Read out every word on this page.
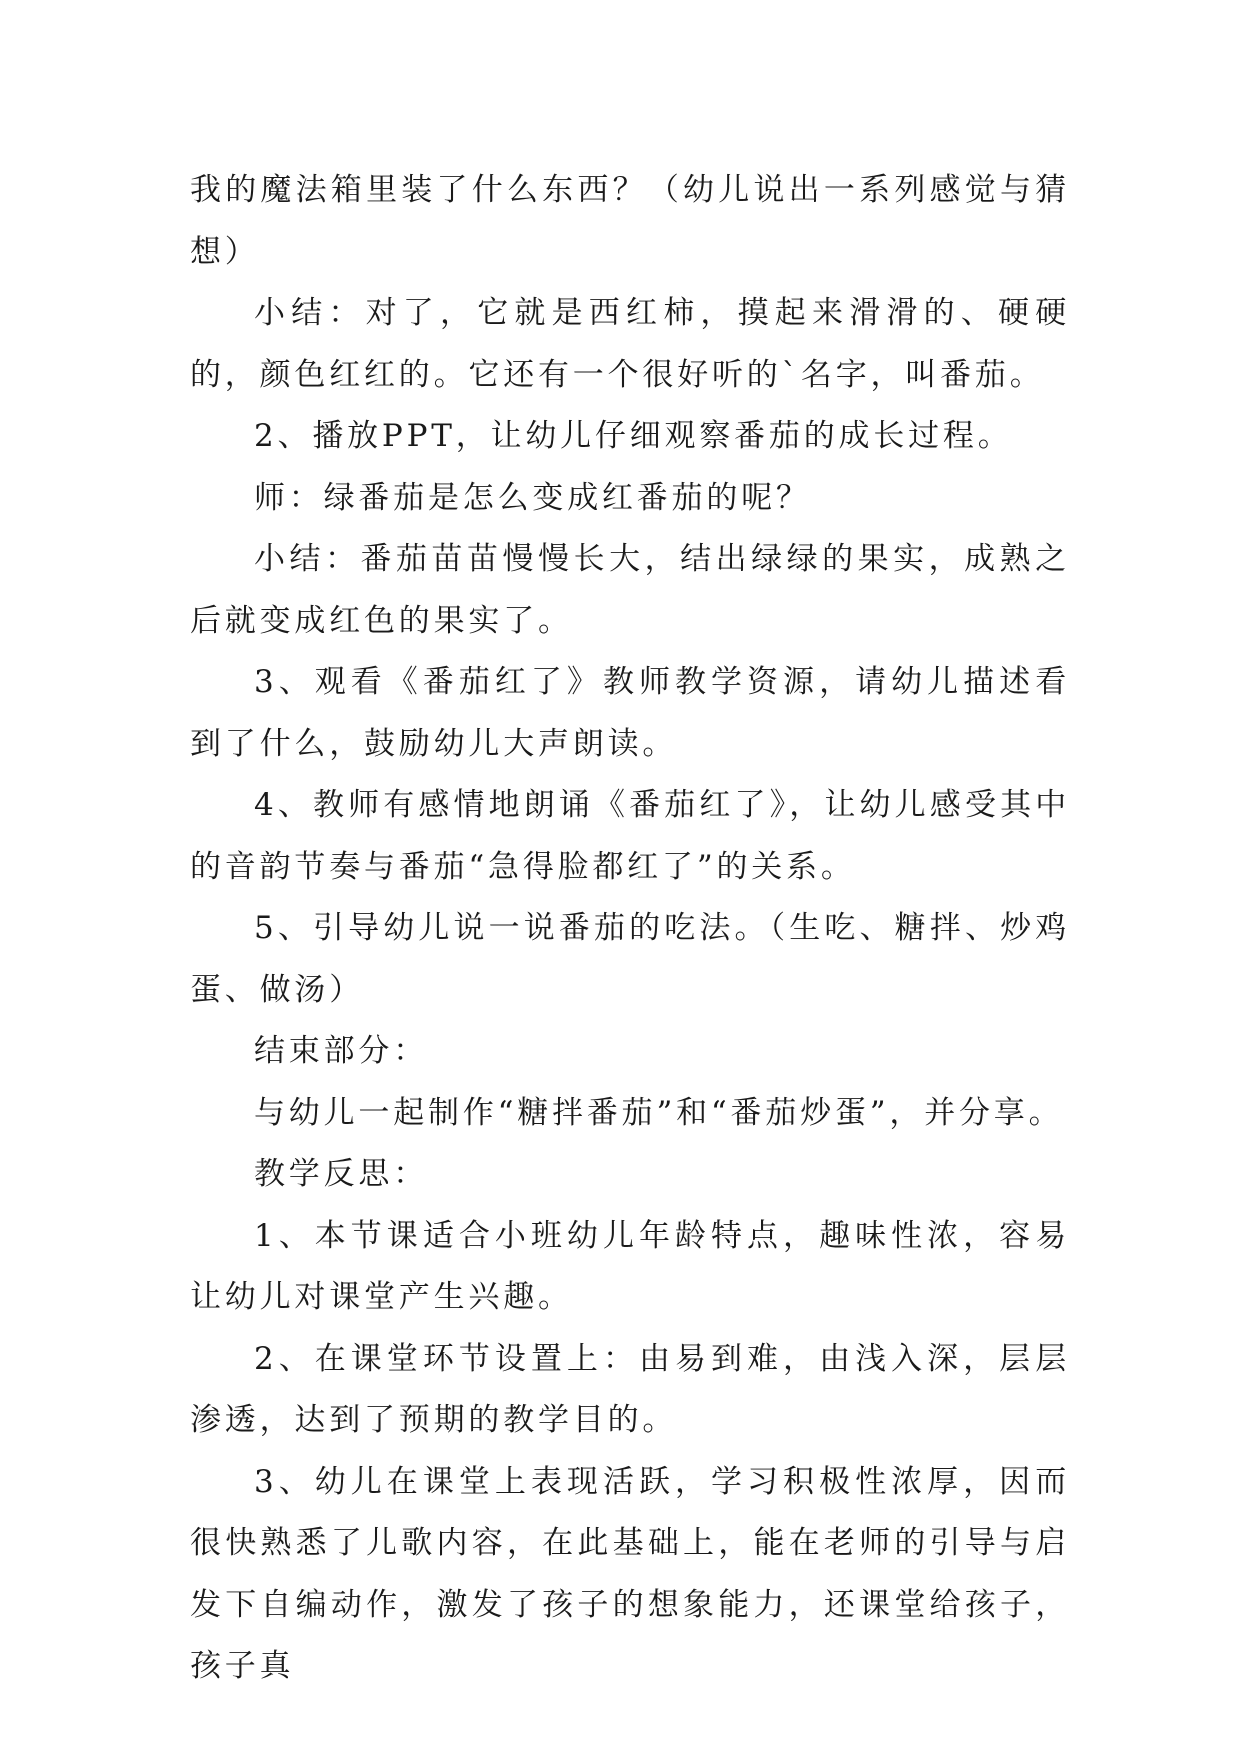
我的魔法箱里装了什么东西？（幼儿说出一系列感觉与猜想）

小结：对了，它就是西红柿，摸起来滑滑的、硬硬的，颜色红红的。它还有一个很好听的`名字，叫番茄。

2、播放PPT，让幼儿仔细观察番茄的成长过程。

师：绿番茄是怎么变成红番茄的呢？

小结：番茄苗苗慢慢长大，结出绿绿的果实，成熟之后就变成红色的果实了。

3、观看《番茄红了》教师教学资源，请幼儿描述看到了什么，鼓励幼儿大声朗读。

4、教师有感情地朗诵《番茄红了》，让幼儿感受其中的音韵节奏与番茄“急得脸都红了”的关系。

5、引导幼儿说一说番茄的吃法。（生吃、糖拌、炒鸡蛋、做汤）

结束部分：

与幼儿一起制作“糖拌番茄”和“番茄炒蛋”，并分享。

教学反思：

1、本节课适合小班幼儿年龄特点，趣味性浓，容易让幼儿对课堂产生兴趣。

2、在课堂环节设置上：由易到难，由浅入深，层层渗透，达到了预期的教学目的。

3、幼儿在课堂上表现活跃，学习积极性浓厚，因而很快熟悉了儿歌内容，在此基础上，能在老师的引导与启发下自编动作，激发了孩子的想象能力，还课堂给孩子，孩子真
